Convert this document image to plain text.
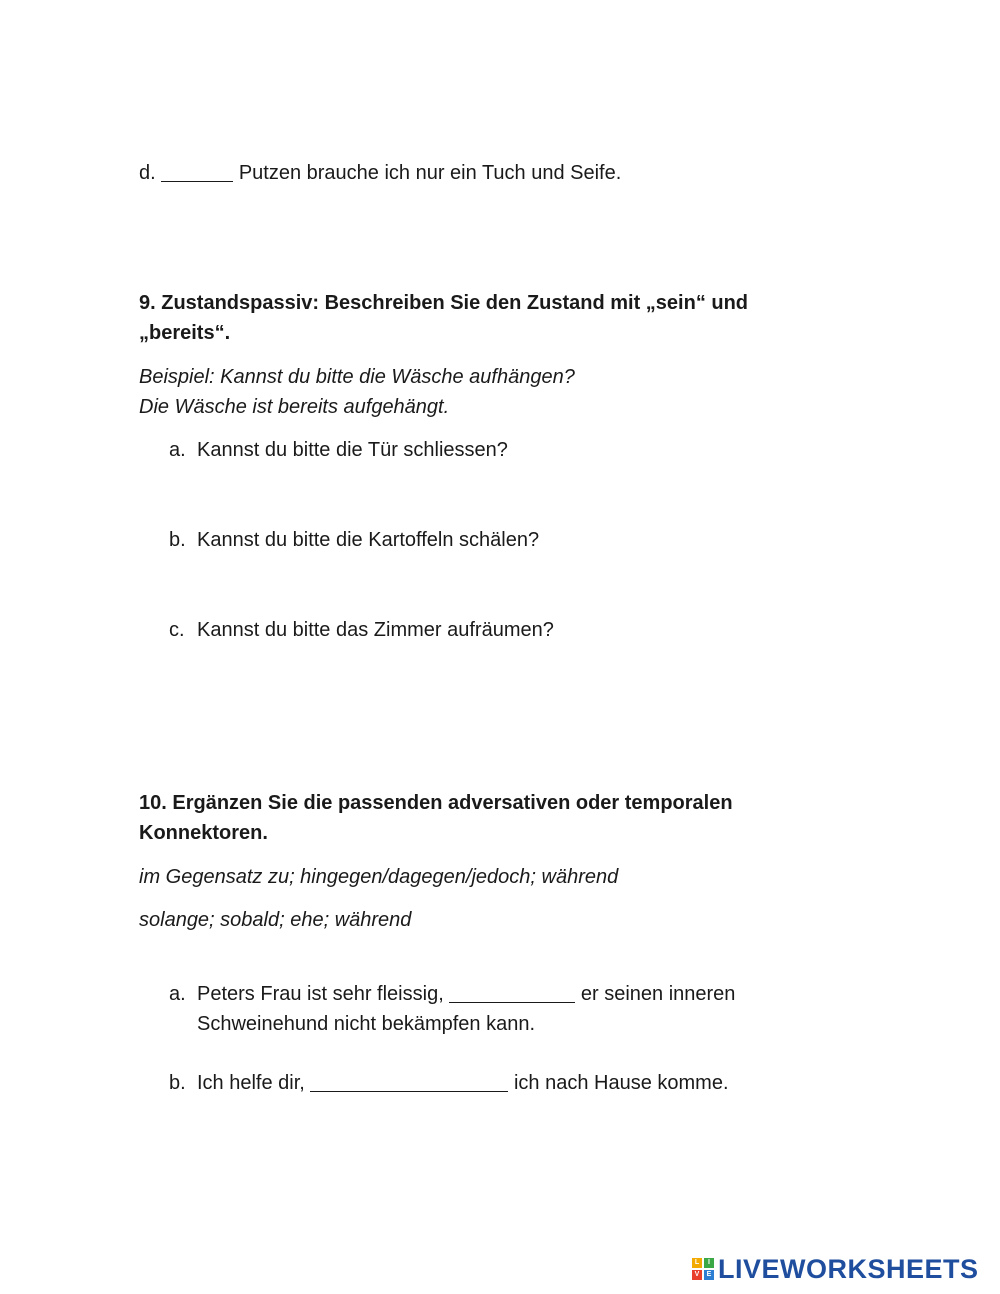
d.	Putzen brauche ich nur ein Tuch und Seife.
9. Zustandspassiv: Beschreiben Sie den Zustand mit „sein“ und
„bereits“.
Beispiel: Kannst du bitte die Wäsche aufhängen?
Die Wäsche ist bereits aufgehängt.
a. Kannst du bitte die Tür schliessen?
b. Kannst du bitte die Kartoffeln schälen?
c. Kannst du bitte das Zimmer aufräumen?
10. Ergänzen Sie die passenden adversativen oder temporalen
Konnektoren.
im Gegensatz zu; hingegen/dagegen/jedoch; während
solange; sobald; ehe; während
a. Peters Frau ist sehr fleissig,	er seinen inneren
Schweinehund nicht bekämpfen kann.
b. Ich helfe dir,	ich nach Hause komme.
L	I
V	E LIVEWORKSHEETS
